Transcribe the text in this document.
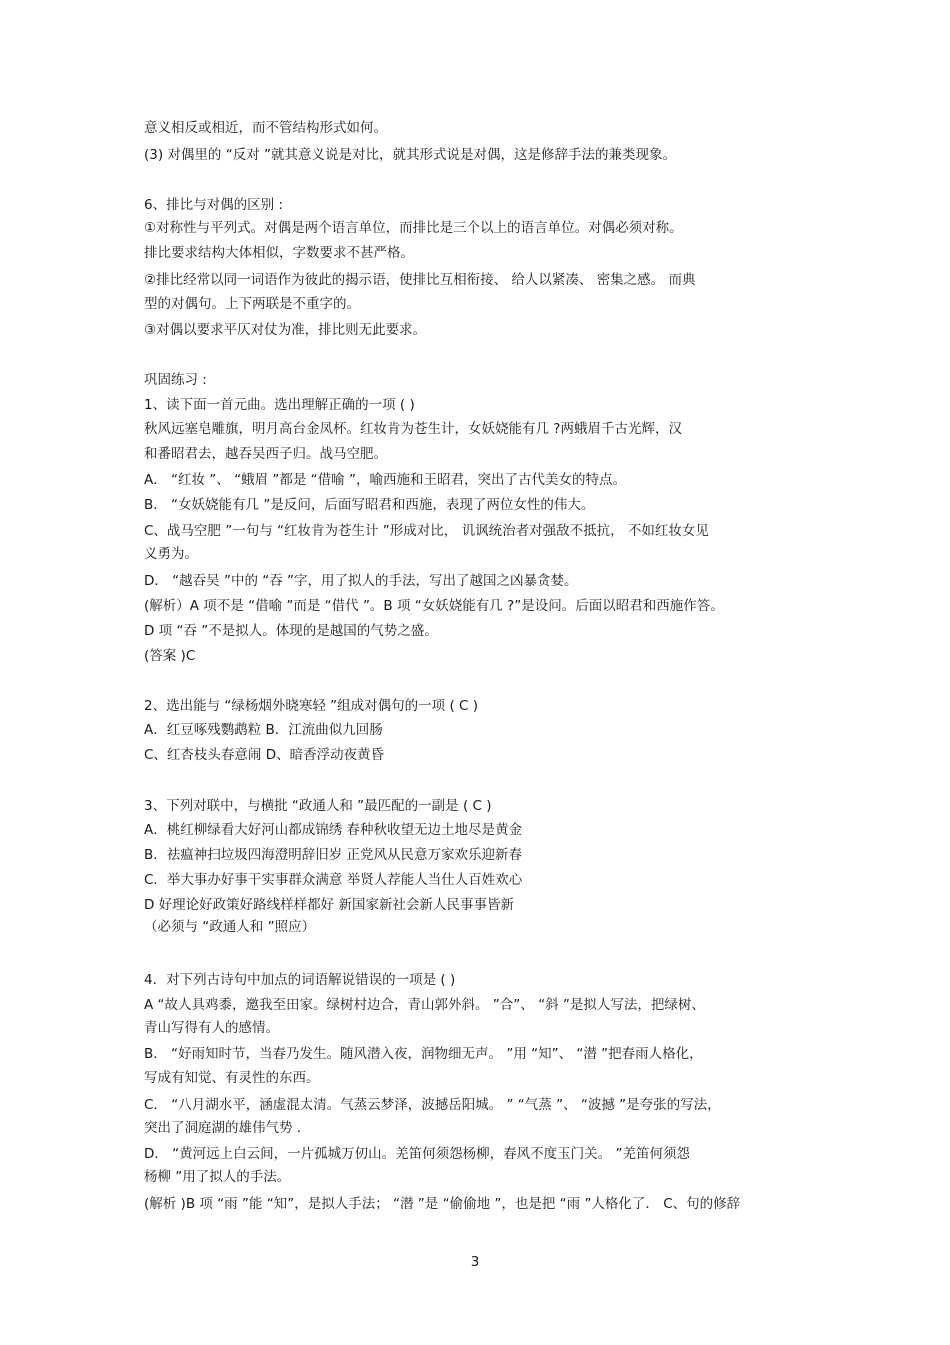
意义相反或相近，而不管结构形式如何。
(3) 对偶里的 “反对 ”就其意义说是对比，就其形式说是对偶，这是修辞手法的兼类现象。
6、排比与对偶的区别 :
①对称性与平列式。对偶是两个语言单位，而排比是三个以上的语言单位。对偶必须对称。
排比要求结构大体相似，字数要求不甚严格。
②排比经常以同一词语作为彼此的揭示语，使排比互相衔接、 给人以紧凑、 密集之感。 而典
型的对偶句。上下两联是不重字的。
③对偶以要求平仄对仗为准，排比则无此要求。
巩固练习 :
1、读下面一首元曲。选出理解正确的一项 ( )
秋风远塞皂雕旗，明月高台金凤杯。红妆肯为苍生计，女妖娆能有几 ?两蛾眉千古光辉，汉
和番昭君去，越吞吴西子归。战马空肥。
A． “红妆 ”、 “蛾眉 ”都是 “借喻 ”，喻西施和王昭君，突出了古代美女的特点。
B． “女妖娆能有几 ”是反问，后面写昭君和西施，表现了两位女性的伟大。
C、战马空肥 ”一句与 “红妆肯为苍生计 ”形成对比， 讥讽统治者对强敌不抵抗， 不如红妆女见
义勇为。
D． “越吞吴 ”中的 “吞 ”字，用了拟人的手法，写出了越国之凶暴贪婪。
(解析）A 项不是 “借喻 ”而是 “借代 ”。B 项 “女妖娆能有几 ?”是设问。后面以昭君和西施作答。
D 项 “吞 ”不是拟人。体现的是越国的气势之盛。
(答案 )C
2、选出能与 “绿杨烟外晓寒轻 ”组成对偶句的一项 ( C )
A．红豆啄残鹦鹉粒 B．江流曲似九回肠
C、红杏枝头春意闹 D、暗香浮动夜黄昏
3、下列对联中，与横批 “政通人和 ”最匹配的一副是 ( C )
A．桃红柳绿看大好河山都成锦绣 春种秋收望无边土地尽是黄金
B．祛瘟神扫垃圾四海澄明辞旧岁 正党风从民意万家欢乐迎新春
C．举大事办好事干实事群众满意 举贤人荐能人当仕人百姓欢心
D 好理论好政策好路线样样都好 新国家新社会新人民事事皆新
（必须与 “政通人和 ”照应）
4．对下列古诗句中加点的词语解说错误的一项是 ( )
A “故人具鸡黍，邀我至田家。绿树村边合，青山郭外斜。 ”合”、 “斜 ”是拟人写法，把绿树、
青山写得有人的感情。
B． “好雨知时节，当春乃发生。随风潜入夜，润物细无声。 ”用 “知”、 “潜 ”把春雨人格化，
写成有知觉、有灵性的东西。
C． “八月湖水平，涵虚混太清。气蒸云梦泽，波撼岳阳城。 ” “气蒸 ”、 “波撼 ”是夸张的写法，
突出了洞庭湖的雄伟气势 .
D． “黄河远上白云间，一片孤城万仞山。羌笛何须怨杨柳，春风不度玉门关。 ”羌笛何须怨
杨柳 ”用了拟人的手法。
(解析 )B 项 “雨 ”能 “知”，是拟人手法； “潜 ”是 “偷偷地 ”，也是把 “雨 ”人格化了． C、句的修辞
3
